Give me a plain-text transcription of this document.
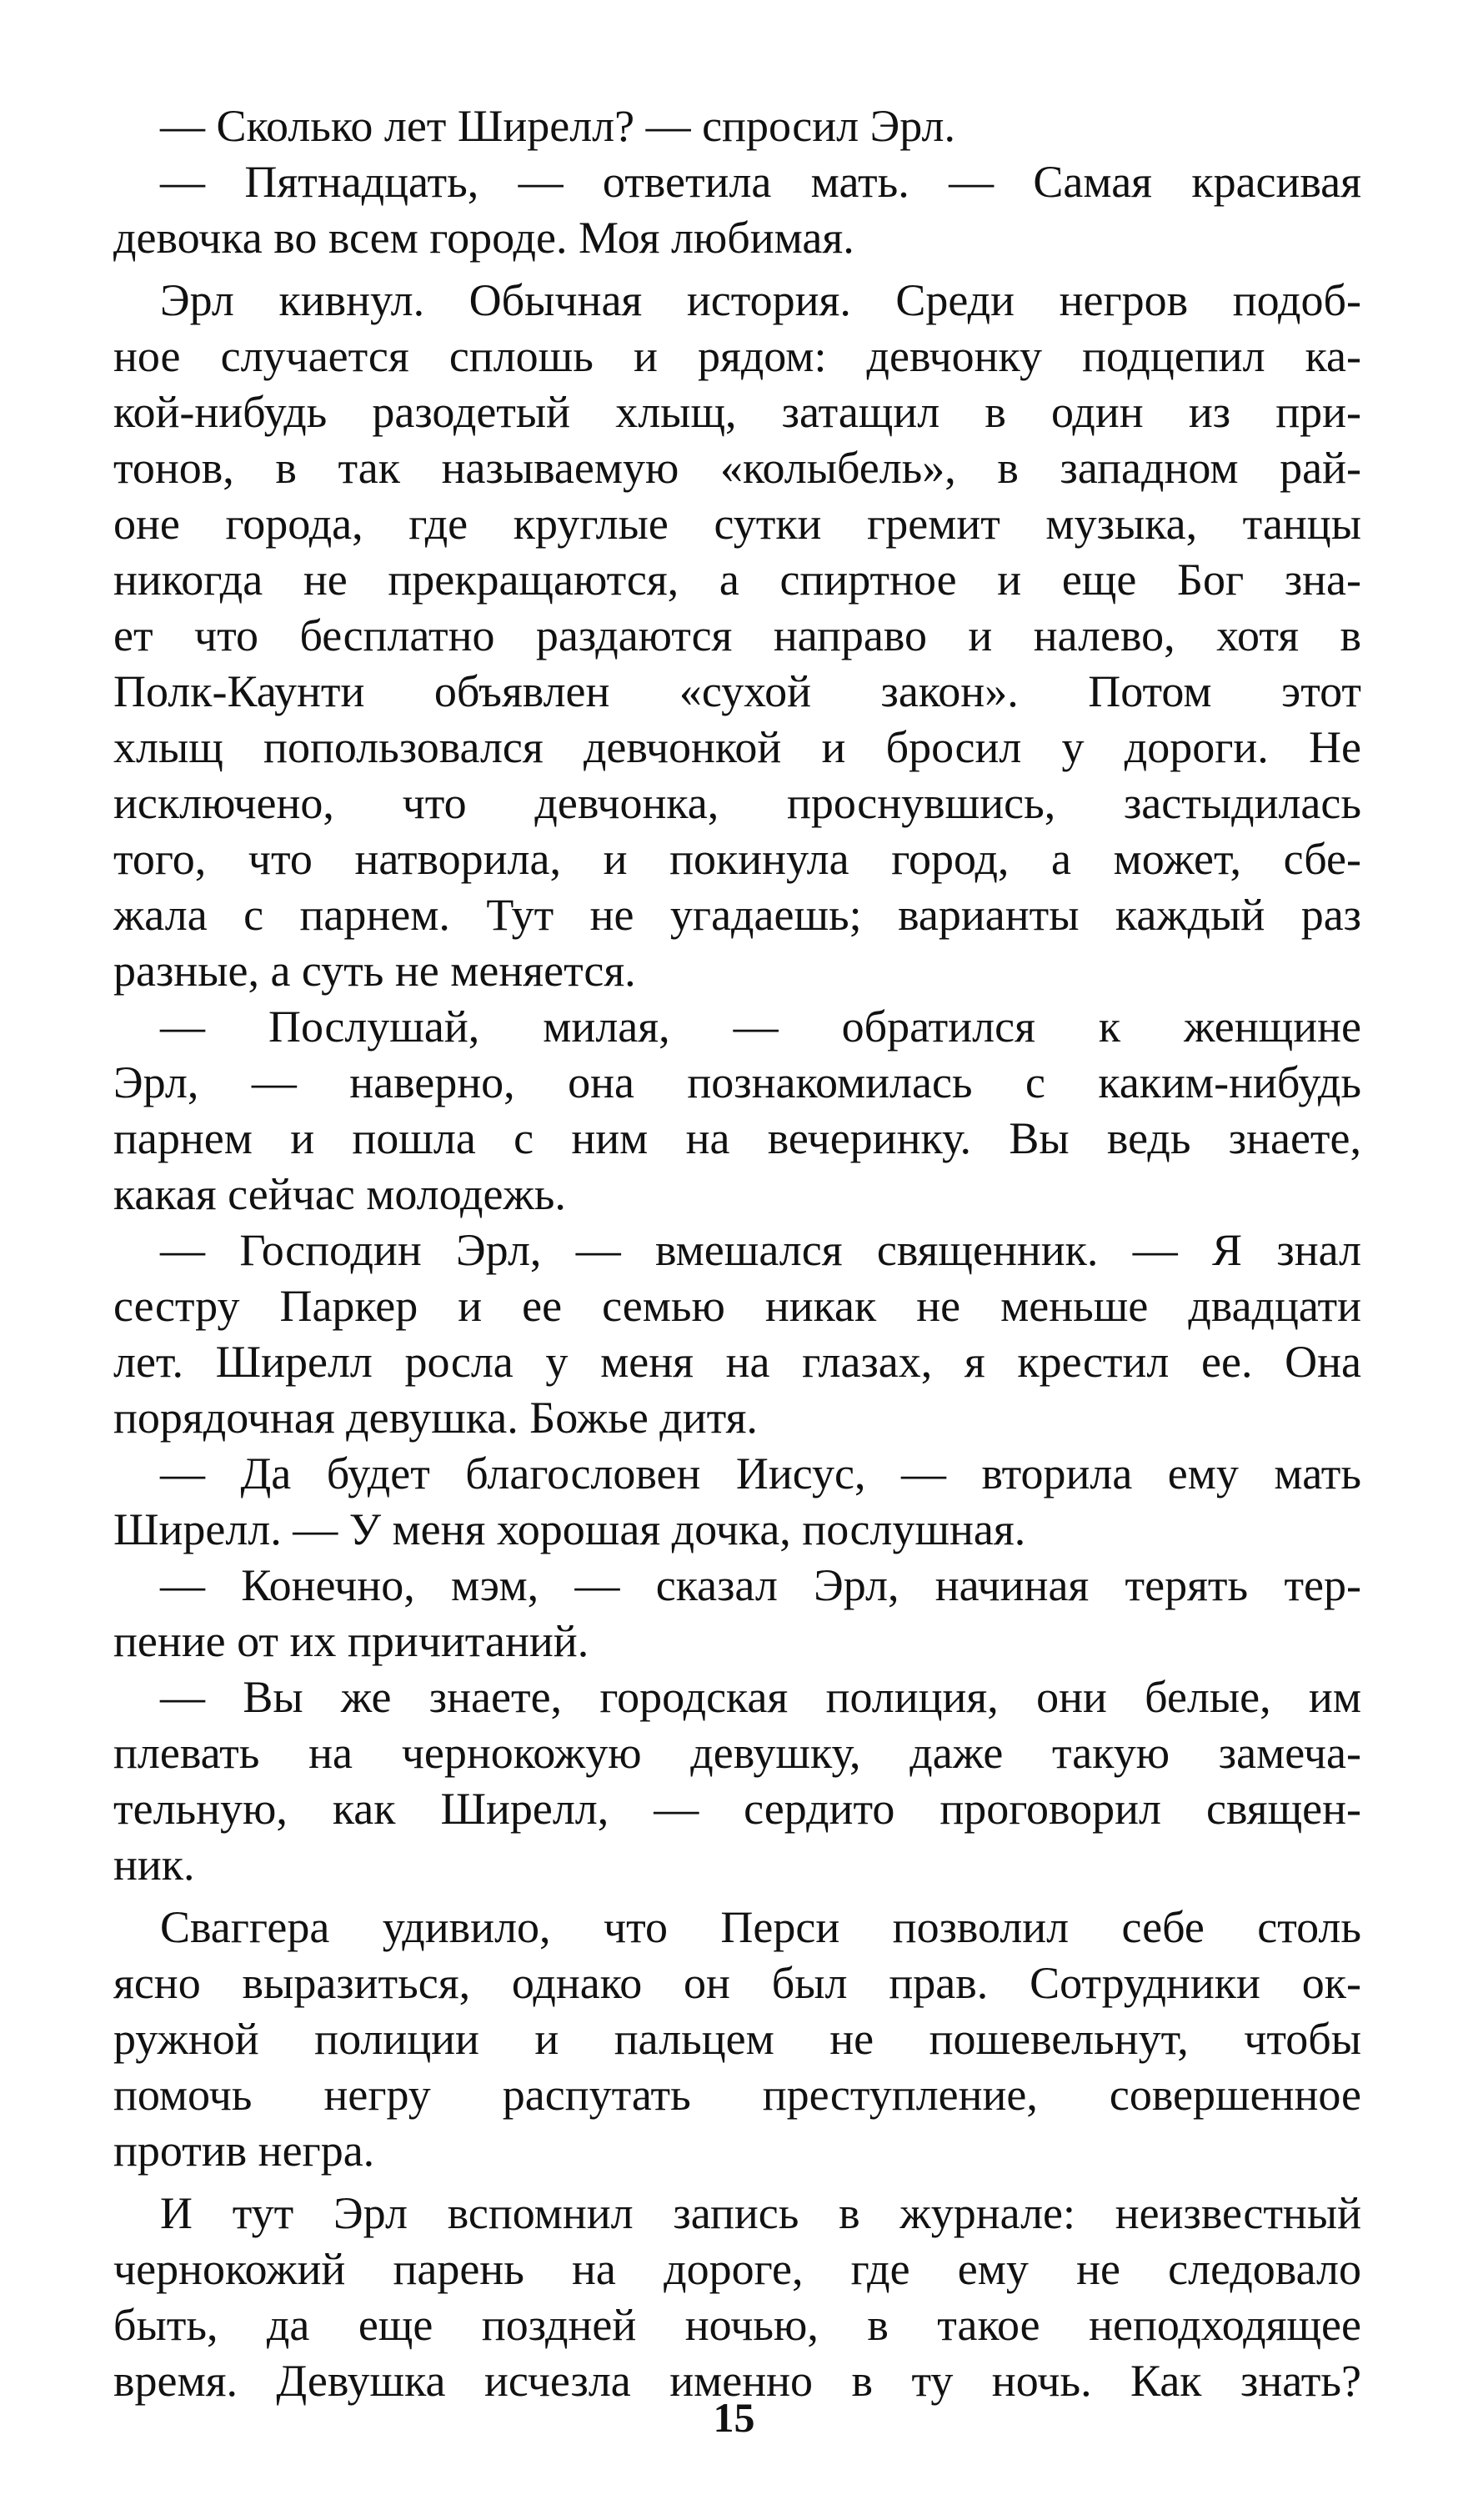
— Сколько лет Ширелл? — спросил Эрл.
— Пятнадцать, — ответила мать. — Самая красивая
девочка во всем городе. Моя любимая.
Эрл кивнул. Обычная история. Среди негров подоб-
ное случается сплошь и рядом: девчонку подцепил ка-
кой-нибудь разодетый хлыщ, затащил в один из при-
тонов, в так называемую «колыбель», в западном рай-
оне города, где круглые сутки гремит музыка, танцы
никогда не прекращаются, а спиртное и еще Бог зна-
ет что бесплатно раздаются направо и налево, хотя в
Полк-Каунти объявлен «сухой закон». Потом этот
хлыщ попользовался девчонкой и бросил у дороги. Не
исключено, что девчонка, проснувшись, застыдилась
того, что натворила, и покинула город, а может, сбе-
жала с парнем. Тут не угадаешь; варианты каждый раз
разные, а суть не меняется.
— Послушай, милая, — обратился к женщине
Эрл, — наверно, она познакомилась с каким-нибудь
парнем и пошла с ним на вечеринку. Вы ведь знаете,
какая сейчас молодежь.
— Господин Эрл, — вмешался священник. — Я знал
сестру Паркер и ее семью никак не меньше двадцати
лет. Ширелл росла у меня на глазах, я крестил ее. Она
порядочная девушка. Божье дитя.
— Да будет благословен Иисус, — вторила ему мать
Ширелл. — У меня хорошая дочка, послушная.
— Конечно, мэм, — сказал Эрл, начиная терять тер-
пение от их причитаний.
— Вы же знаете, городская полиция, они белые, им
плевать на чернокожую девушку, даже такую замеча-
тельную, как Ширелл, — сердито проговорил священ-
ник.
Сваггера удивило, что Перси позволил себе столь
ясно выразиться, однако он был прав. Сотрудники ок-
ружной полиции и пальцем не пошевельнут, чтобы
помочь негру распутать преступление, совершенное
против негра.
И тут Эрл вспомнил запись в журнале: неизвестный
чернокожий парень на дороге, где ему не следовало
быть, да еще поздней ночью, в такое неподходящее
время. Девушка исчезла именно в ту ночь. Как знать?
15
